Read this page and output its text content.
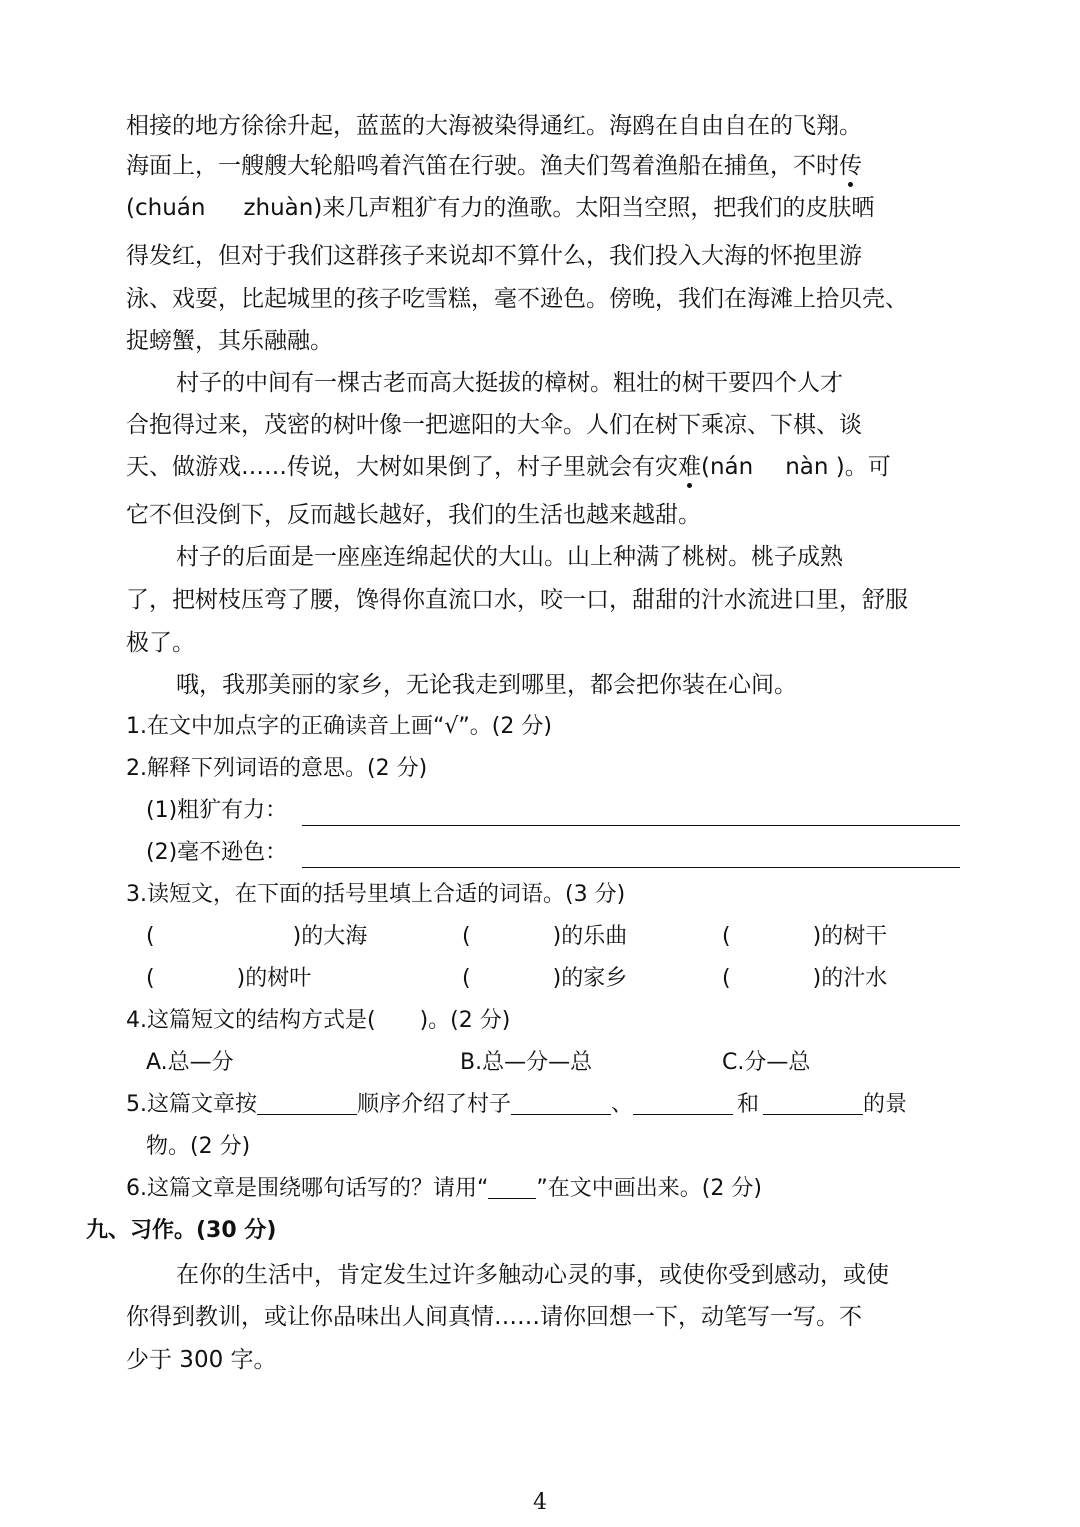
相接的地方徐徐升起，蓝蓝的大海被染得通红。海鸥在自由自在的飞翔。
海面上，一艘艘大轮船鸣着汽笛在行驶。渔夫们驾着渔船在捕鱼，不时传
(chuán zhuàn)来几声粗犷有力的渔歌。太阳当空照，把我们的皮肤晒
得发红，但对于我们这群孩子来说却不算什么，我们投入大海的怀抱里游
泳、戏耍，比起城里的孩子吃雪糕，毫不逊色。傍晚，我们在海滩上拾贝壳、
捉螃蟹，其乐融融。
村子的中间有一棵古老而高大挺拔的樟树。粗壮的树干要四个人才
合抱得过来，茂密的树叶像一把遮阳的大伞。人们在树下乘凉、下棋、谈
天、做游戏……传说，大树如果倒了，村子里就会有灾难(nán nàn )。可
它不但没倒下，反而越长越好，我们的生活也越来越甜。
村子的后面是一座座连绵起伏的大山。山上种满了桃树。桃子成熟
了，把树枝压弯了腰，馋得你直流口水，咬一口，甜甜的汁水流进口里，舒服
极了。
哦，我那美丽的家乡，无论我走到哪里，都会把你装在心间。
1.在文中加点字的正确读音上画“√”。(2 分)
2.解释下列词语的意思。(2 分)
(1)粗犷有力：
(2)毫不逊色：
3.读短文，在下面的括号里填上合适的词语。(3 分)
(	)的大海	(	)的乐曲	(	)的树干
(	)的树叶	(	)的家乡	(	)的汁水
4.这篇短文的结构方式是(　　)。(2 分)
A.总—分	B.总—分—总	C.分—总
5.这篇文章按	顺序介绍了村子	、	和	的景
物。(2 分)
6.这篇文章是围绕哪句话写的？请用“ ”在文中画出来。(2 分)
九、习作。(30 分)
在你的生活中，肯定发生过许多触动心灵的事，或使你受到感动，或使
你得到教训，或让你品味出人间真情……请你回想一下，动笔写一写。不
少于 300 字。
4
